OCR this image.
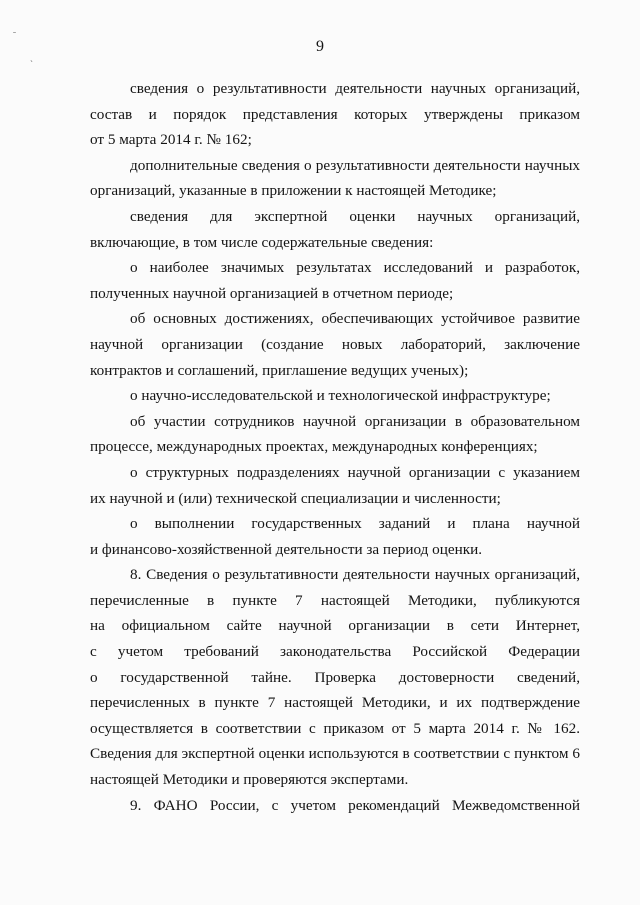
9
˗
ˏ

сведения о результативности деятельности научных организаций,
состав и порядок представления которых утверждены приказом
от 5 марта 2014 г. № 162;

дополнительные сведения о результативности деятельности научных
организаций, указанные в приложении к настоящей Методике;

сведения для экспертной оценки научных организаций,
включающие, в том числе содержательные сведения:

о наиболее значимых результатах исследований и разработок,
полученных научной организацией в отчетном периоде;

об основных достижениях, обеспечивающих устойчивое развитие
научной организации (создание новых лабораторий, заключение
контрактов и соглашений, приглашение ведущих ученых);

о научно-исследовательской и технологической инфраструктуре;

об участии сотрудников научной организации в образовательном
процессе, международных проектах, международных конференциях;

о структурных подразделениях научной организации с указанием
их научной и (или) технической специализации и численности;

о выполнении государственных заданий и плана научной
и финансово-хозяйственной деятельности за период оценки.

8. Сведения о результативности деятельности научных организаций,
перечисленные в пункте 7 настоящей Методики, публикуются
на официальном сайте научной организации в сети Интернет,
с учетом требований законодательства Российской Федерации
о государственной тайне. Проверка достоверности сведений,
перечисленных в пункте 7 настоящей Методики, и их подтверждение
осуществляется в соответствии с приказом от 5 марта 2014 г. № 162.
Сведения для экспертной оценки используются в соответствии с пунктом 6
настоящей Методики и проверяются экспертами.

9. ФАНО России, с учетом рекомендаций Межведомственной
